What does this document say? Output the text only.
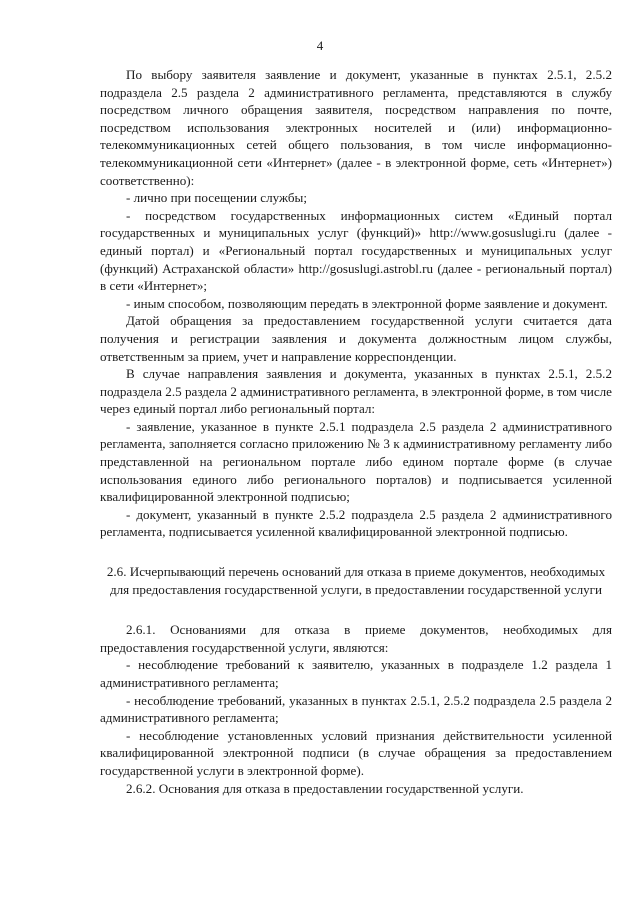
4

По выбору заявителя заявление и документ, указанные в пунктах 2.5.1, 2.5.2 подраздела 2.5 раздела 2 административного регламента, представляются в службу посредством личного обращения заявителя, посредством направления по почте, посредством использования электронных носителей и (или) информационно-телекоммуникационных сетей общего пользования, в том числе информационно-телекоммуникационной сети «Интернет» (далее - в электронной форме, сеть «Интернет») соответственно):

- лично при посещении службы;

- посредством государственных информационных систем «Единый портал государственных и муниципальных услуг (функций)» http://www.gosuslugi.ru (далее - единый портал) и «Региональный портал государственных и муниципальных услуг (функций) Астраханской области» http://gosuslugi.astrobl.ru (далее - региональный портал) в сети «Интернет»;

- иным способом, позволяющим передать в электронной форме заявление и документ.

Датой обращения за предоставлением государственной услуги считается дата получения и регистрации заявления и документа должностным лицом службы, ответственным за прием, учет и направление корреспонденции.

В случае направления заявления и документа, указанных в пунктах 2.5.1, 2.5.2 подраздела 2.5 раздела 2 административного регламента, в электронной форме, в том числе через единый портал либо региональный портал:

- заявление, указанное в пункте 2.5.1 подраздела 2.5 раздела 2 административного регламента, заполняется согласно приложению № 3 к административному регламенту либо представленной на региональном портале либо едином портале форме (в случае использования единого либо регионального порталов) и подписывается усиленной квалифицированной электронной подписью;

- документ, указанный в пункте 2.5.2 подраздела 2.5 раздела 2 административного регламента, подписывается усиленной квалифицированной электронной подписью.

2.6. Исчерпывающий перечень оснований для отказа в приеме документов, необходимых для предоставления государственной услуги, в предоставлении государственной услуги

2.6.1. Основаниями для отказа в приеме документов, необходимых для предоставления государственной услуги, являются:

- несоблюдение требований к заявителю, указанных в подразделе 1.2 раздела 1 административного регламента;

- несоблюдение требований, указанных в пунктах 2.5.1, 2.5.2 подраздела 2.5 раздела 2 административного регламента;

- несоблюдение установленных условий признания действительности усиленной квалифицированной электронной подписи (в случае обращения за предоставлением государственной услуги в электронной форме).

2.6.2. Основания для отказа в предоставлении государственной услуги.
